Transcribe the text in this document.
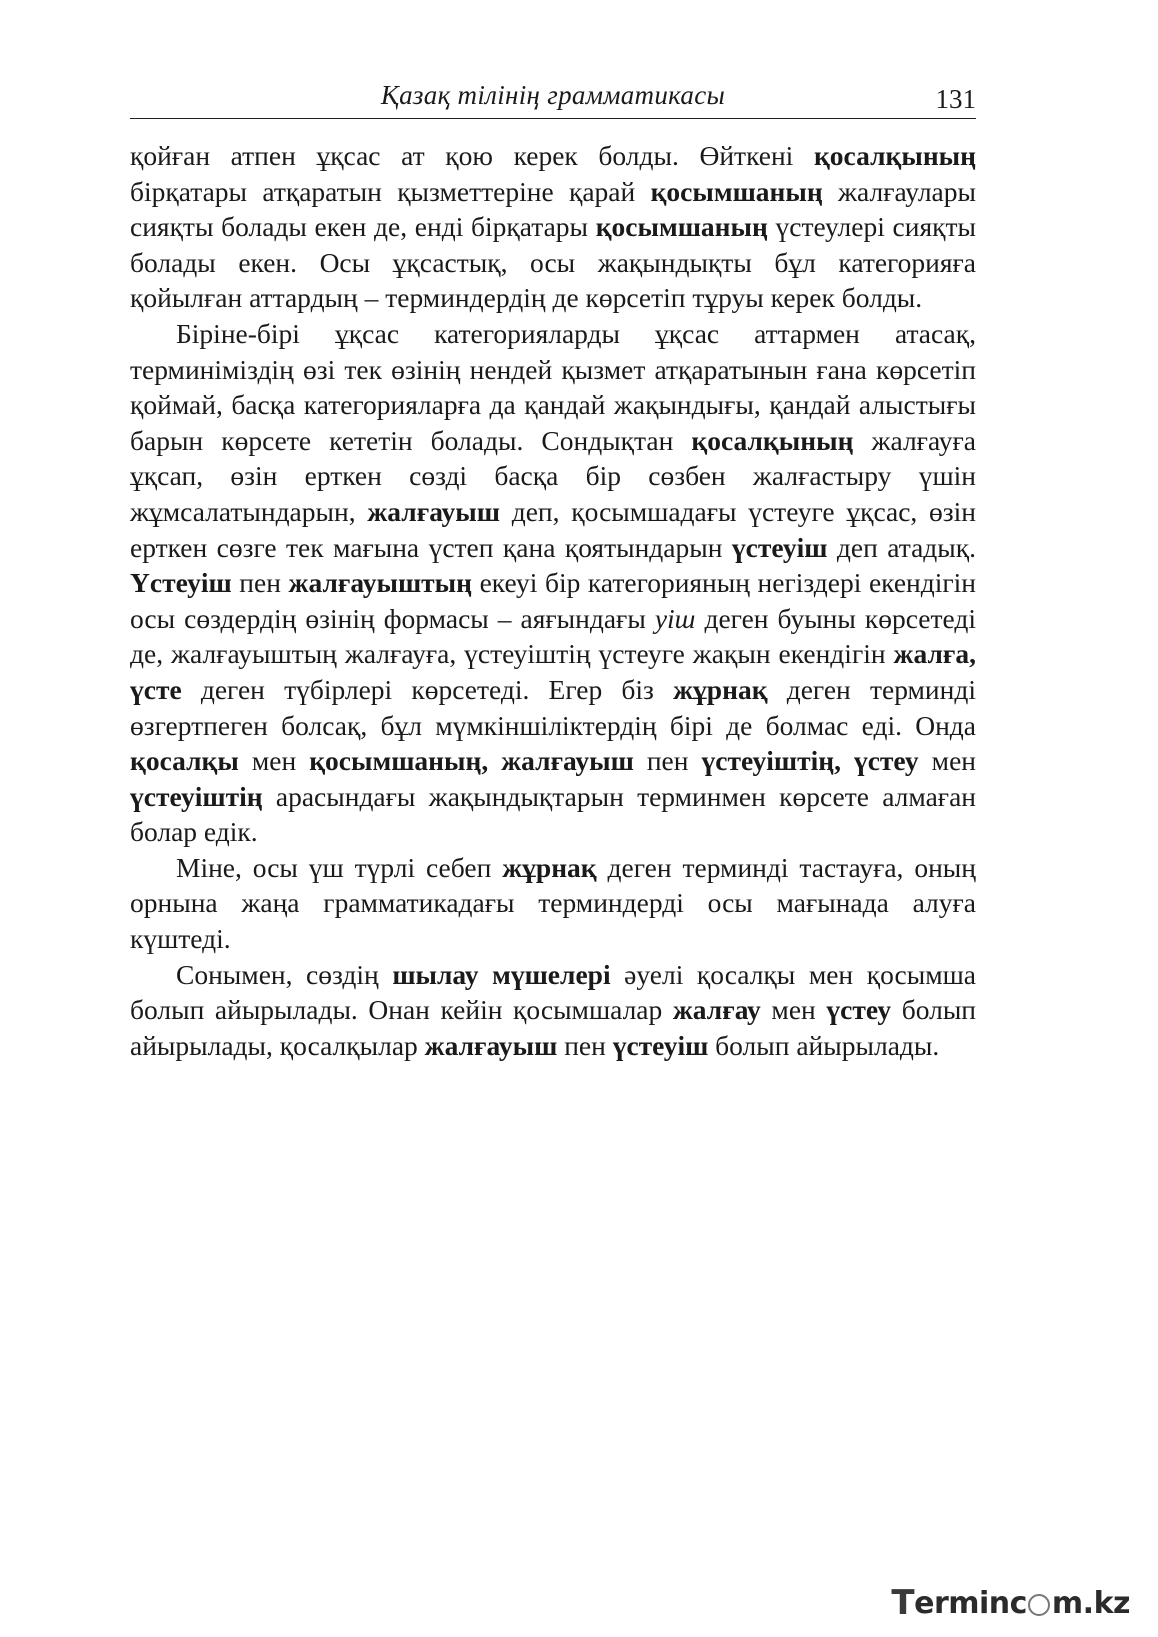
Қазақ тілінің грамматикасы	131

қойған атпен ұқсас ат қою керек болды. Өйткені қосалқының бірқатары атқаратын қызметтеріне қарай қосымшаның жалғаулары сияқты болады екен де, енді бірқатары қосымшаның үстеулері сияқты болады екен. Осы ұқсастық, осы жақындықты бұл категорияға қойылған аттардың – терминдердің де көрсетіп тұруы керек болды.

Біріне-бірі ұқсас категорияларды ұқсас аттармен атасақ, терминіміздің өзі тек өзінің нендей қызмет атқаратынын ғана көрсетіп қоймай, басқа категорияларға да қандай жақындығы, қандай алыстығы барын көрсете кететін болады. Сондықтан қосалқының жалғауға ұқсап, өзін ерткен сөзді басқа бір сөзбен жалғастыру үшін жұмсалатындарын, жалғауыш деп, қосымшадағы үстеуге ұқсас, өзін ерткен сөзге тек мағына үстеп қана қоятындарын үстеуіш деп атадық. Үстеуіш пен жалғауыштың екеуі бір категорияның негіздері екендігін осы сөздердің өзінің формасы – аяғындағы уіш деген буыны көрсетеді де, жалғауыштың жалғауға, үстеуіштің үстеуге жақын екендігін жалға, үсте деген түбірлері көрсетеді. Егер біз жұрнақ деген терминді өзгертпеген болсақ, бұл мүмкіншіліктердің бірі де болмас еді. Онда қосалқы мен қосымшаның, жалғауыш пен үстеуіштің, үстеу мен үстеуіштің арасындағы жақындықтарын терминмен көрсете алмаған болар едік.

Міне, осы үш түрлі себеп жұрнақ деген терминді тастауға, оның орнына жаңа грамматикадағы терминдерді осы мағынада алуға күштеді.

Сонымен, сөздің шылау мүшелері әуелі қосалқы мен қосымша болып айырылады. Онан кейін қосымшалар жалғау мен үстеу болып айырылады, қосалқылар жалғауыш пен үстеуіш болып айырылады.

T erminc m.kz
